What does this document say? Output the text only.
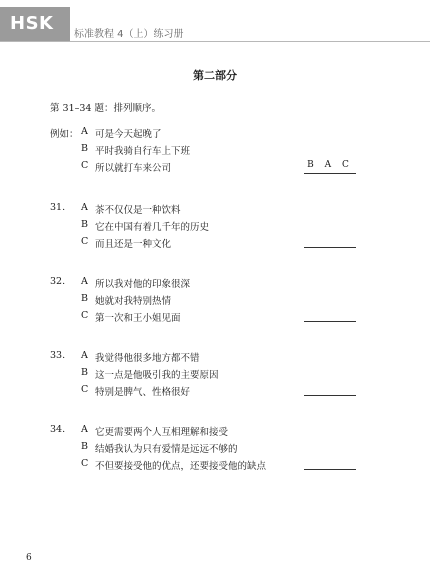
HSK
标准教程 4（上）练习册
第二部分
第 31–34 题：排列顺序。
例如： A 可是今天起晚了
B 平时我骑自行车上下班
C 所以就打车来公司	B A C
31. A 茶不仅仅是一种饮料
B 它在中国有着几千年的历史
C 而且还是一种文化
32. A 所以我对他的印象很深
B 她就对我特别热情
C 第一次和王小姐见面
33. A 我觉得他很多地方都不错
B 这一点是他吸引我的主要原因
C 特别是脾气、性格很好
34. A 它更需要两个人互相理解和接受
B 结婚我认为只有爱情是远远不够的
C 不但要接受他的优点，还要接受他的缺点
6
